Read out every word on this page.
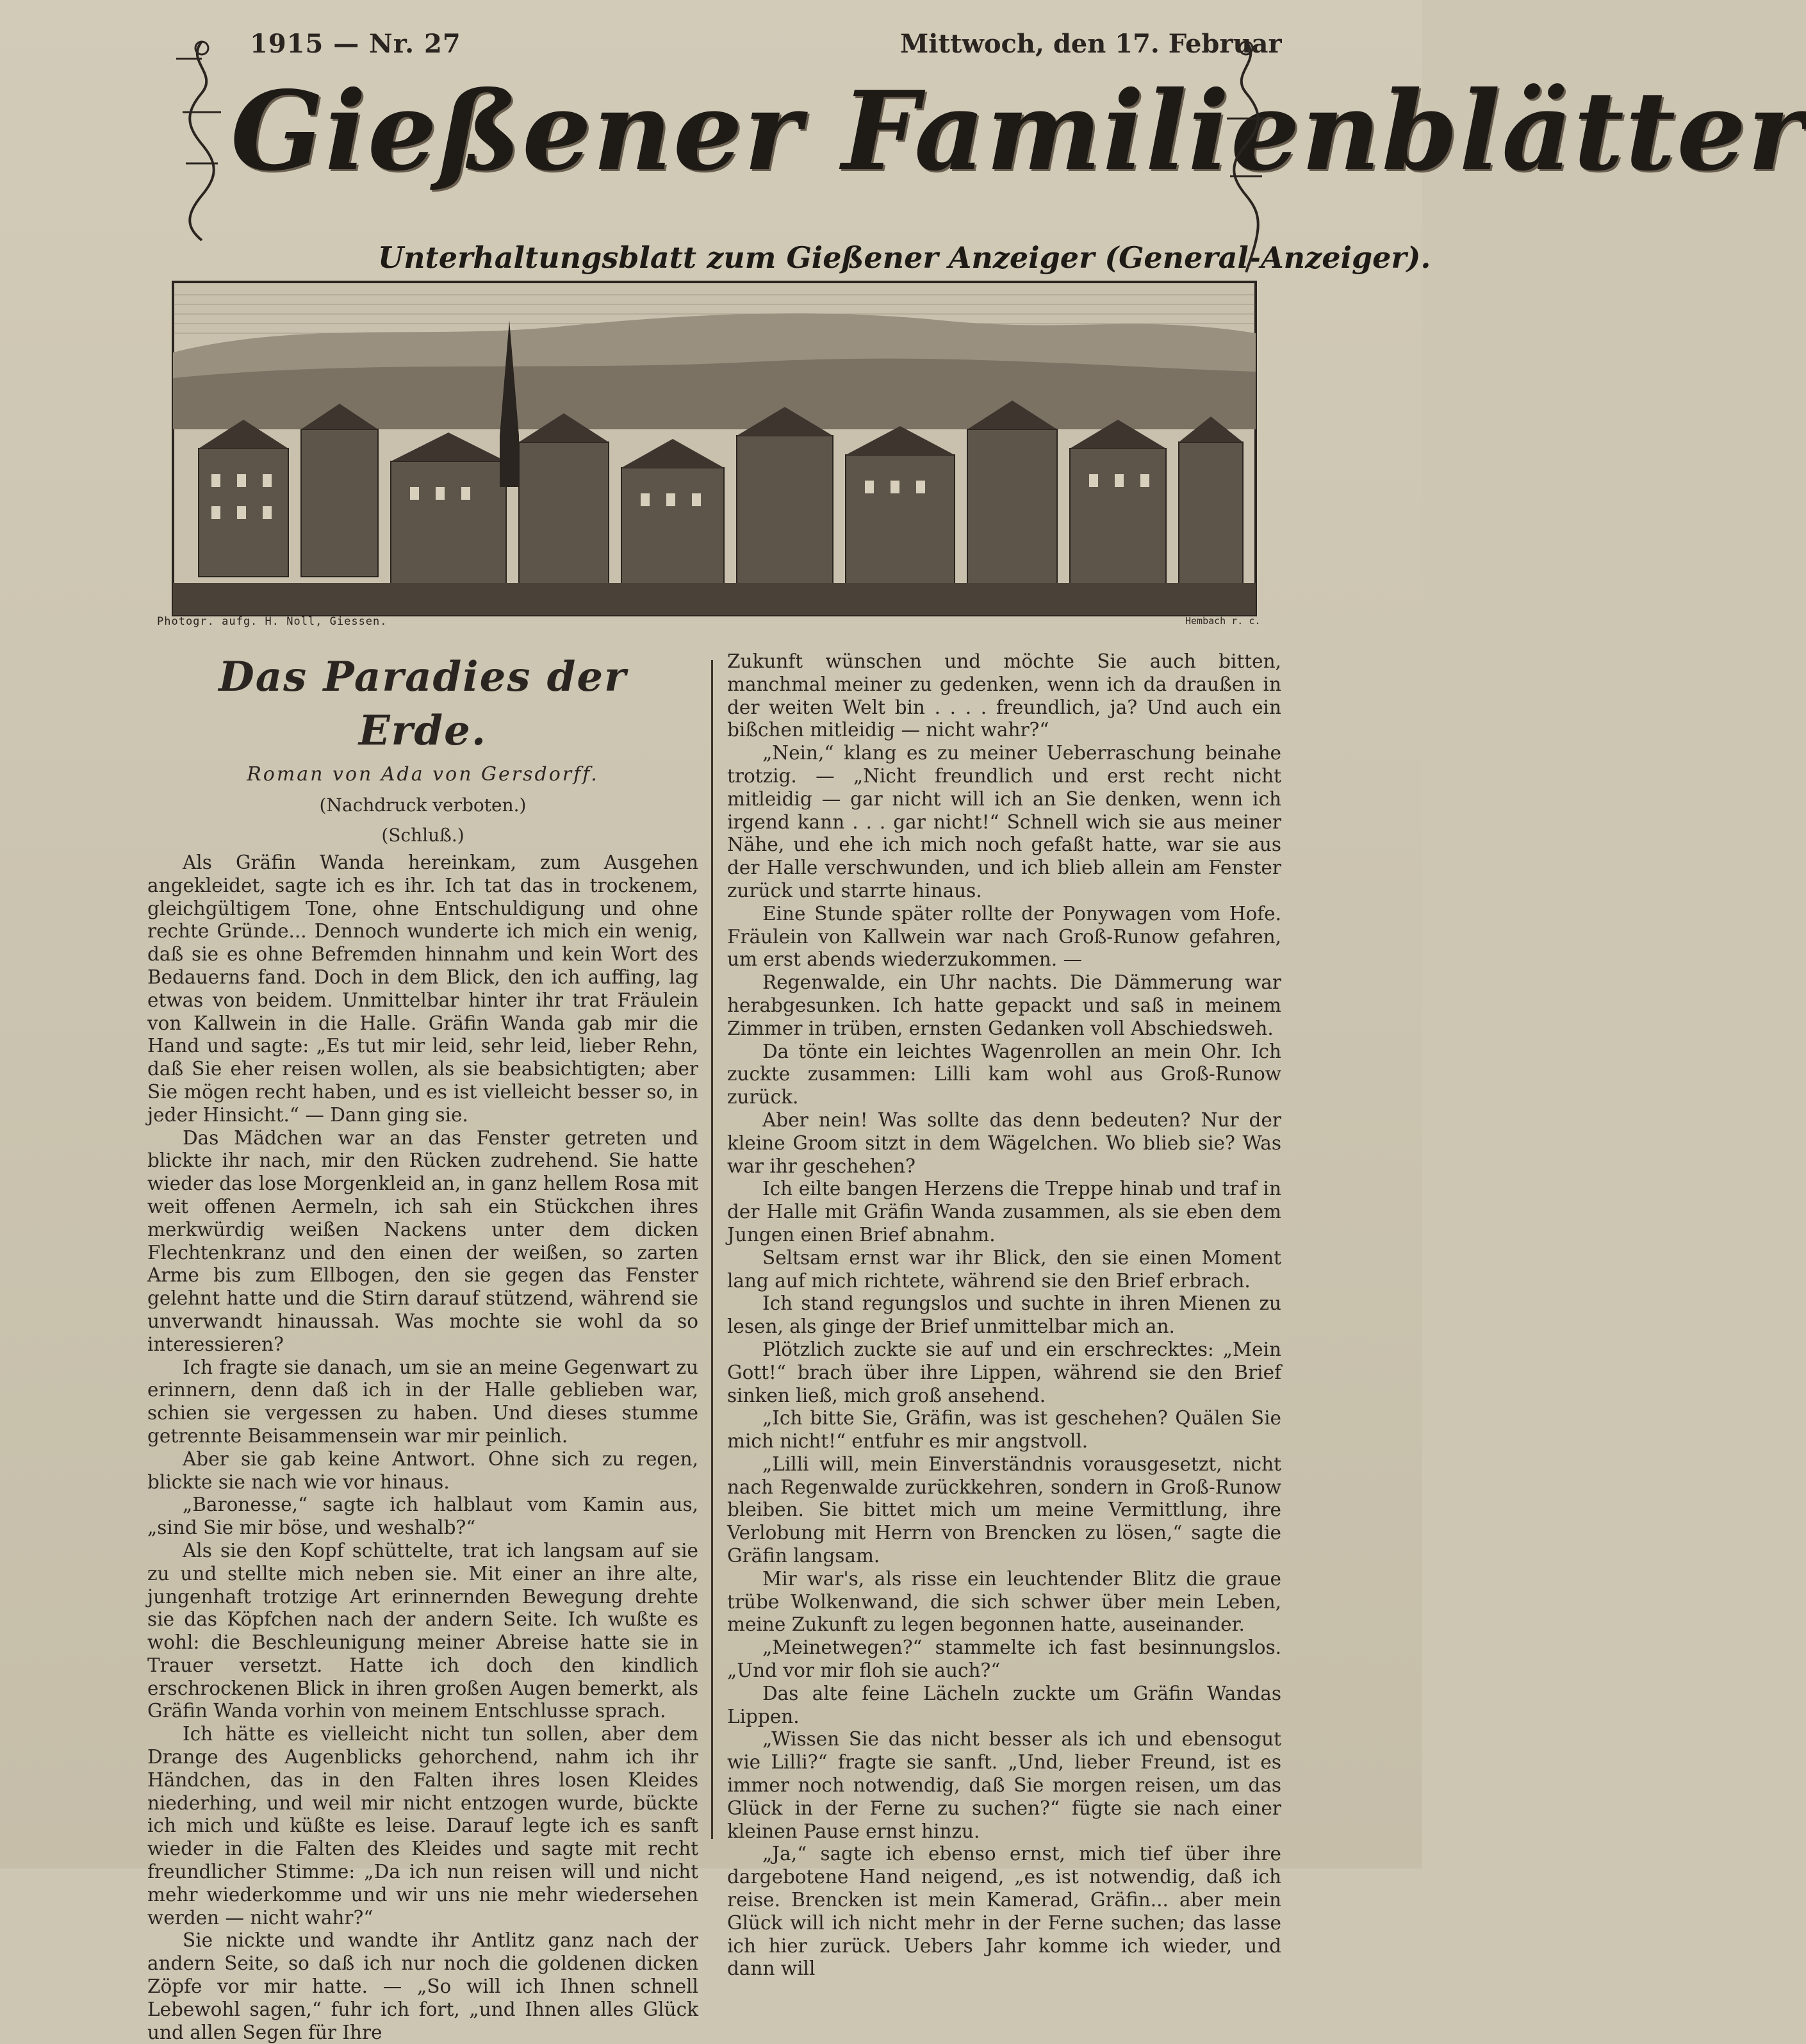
1915 — Nr. 27	Mittwoch, den 17. Februar
Gießener Familienblätter
Unterhaltungsblatt zum Gießener Anzeiger (General-Anzeiger).
Photogr. aufg. H. Noll, Giessen.	Hembach r. c.
Das Paradies der Erde.
Roman von Ada von Gersdorff.
(Nachdruck verboten.)
(Schluß.)

Als Gräfin Wanda hereinkam, zum Ausgehen angekleidet, sagte ich es ihr. Ich tat das in trockenem, gleichgültigem Tone, ohne Entschuldigung und ohne rechte Gründe... Dennoch wunderte ich mich ein wenig, daß sie es ohne Befremden hinnahm und kein Wort des Bedauerns fand. Doch in dem Blick, den ich auffing, lag etwas von beidem. Unmittelbar hinter ihr trat Fräulein von Kallwein in die Halle. Gräfin Wanda gab mir die Hand und sagte: „Es tut mir leid, sehr leid, lieber Rehn, daß Sie eher reisen wollen, als sie beabsichtigten; aber Sie mögen recht haben, und es ist vielleicht besser so, in jeder Hinsicht.“ — Dann ging sie.

Das Mädchen war an das Fenster getreten und blickte ihr nach, mir den Rücken zudrehend. Sie hatte wieder das lose Morgenkleid an, in ganz hellem Rosa mit weit offenen Aermeln, ich sah ein Stückchen ihres merkwürdig weißen Nackens unter dem dicken Flechtenkranz und den einen der weißen, so zarten Arme bis zum Ellbogen, den sie gegen das Fenster gelehnt hatte und die Stirn darauf stützend, während sie unverwandt hinaussah. Was mochte sie wohl da so interessieren?

Ich fragte sie danach, um sie an meine Gegenwart zu erinnern, denn daß ich in der Halle geblieben war, schien sie vergessen zu haben. Und dieses stumme getrennte Beisammensein war mir peinlich.

Aber sie gab keine Antwort. Ohne sich zu regen, blickte sie nach wie vor hinaus.

„Baronesse,“ sagte ich halblaut vom Kamin aus, „sind Sie mir böse, und weshalb?“

Als sie den Kopf schüttelte, trat ich langsam auf sie zu und stellte mich neben sie. Mit einer an ihre alte, jungenhaft trotzige Art erinnernden Bewegung drehte sie das Köpfchen nach der andern Seite. Ich wußte es wohl: die Beschleunigung meiner Abreise hatte sie in Trauer versetzt. Hatte ich doch den kindlich erschrockenen Blick in ihren großen Augen bemerkt, als Gräfin Wanda vorhin von meinem Entschlusse sprach.

Ich hätte es vielleicht nicht tun sollen, aber dem Drange des Augenblicks gehorchend, nahm ich ihr Händchen, das in den Falten ihres losen Kleides niederhing, und weil mir nicht entzogen wurde, bückte ich mich und küßte es leise. Darauf legte ich es sanft wieder in die Falten des Kleides und sagte mit recht freundlicher Stimme: „Da ich nun reisen will und nicht mehr wiederkomme und wir uns nie mehr wiedersehen werden — nicht wahr?“

Sie nickte und wandte ihr Antlitz ganz nach der andern Seite, so daß ich nur noch die goldenen dicken Zöpfe vor mir hatte. — „So will ich Ihnen schnell Lebewohl sagen,“ fuhr ich fort, „und Ihnen alles Glück und allen Segen für Ihre

Zukunft wünschen und möchte Sie auch bitten, manchmal meiner zu gedenken, wenn ich da draußen in der weiten Welt bin . . . . freundlich, ja? Und auch ein bißchen mitleidig — nicht wahr?“

„Nein,“ klang es zu meiner Ueberraschung beinahe trotzig. — „Nicht freundlich und erst recht nicht mitleidig — gar nicht will ich an Sie denken, wenn ich irgend kann . . . gar nicht!“ Schnell wich sie aus meiner Nähe, und ehe ich mich noch gefaßt hatte, war sie aus der Halle verschwunden, und ich blieb allein am Fenster zurück und starrte hinaus.

Eine Stunde später rollte der Ponywagen vom Hofe. Fräulein von Kallwein war nach Groß-Runow gefahren, um erst abends wiederzukommen. —

Regenwalde, ein Uhr nachts. Die Dämmerung war herabgesunken. Ich hatte gepackt und saß in meinem Zimmer in trüben, ernsten Gedanken voll Abschiedsweh.

Da tönte ein leichtes Wagenrollen an mein Ohr. Ich zuckte zusammen: Lilli kam wohl aus Groß-Runow zurück.

Aber nein! Was sollte das denn bedeuten? Nur der kleine Groom sitzt in dem Wägelchen. Wo blieb sie? Was war ihr geschehen?

Ich eilte bangen Herzens die Treppe hinab und traf in der Halle mit Gräfin Wanda zusammen, als sie eben dem Jungen einen Brief abnahm.

Seltsam ernst war ihr Blick, den sie einen Moment lang auf mich richtete, während sie den Brief erbrach.

Ich stand regungslos und suchte in ihren Mienen zu lesen, als ginge der Brief unmittelbar mich an.

Plötzlich zuckte sie auf und ein erschrecktes: „Mein Gott!“ brach über ihre Lippen, während sie den Brief sinken ließ, mich groß ansehend.

„Ich bitte Sie, Gräfin, was ist geschehen? Quälen Sie mich nicht!“ entfuhr es mir angstvoll.

„Lilli will, mein Einverständnis vorausgesetzt, nicht nach Regenwalde zurückkehren, sondern in Groß-Runow bleiben. Sie bittet mich um meine Vermittlung, ihre Verlobung mit Herrn von Brencken zu lösen,“ sagte die Gräfin langsam.

Mir war's, als risse ein leuchtender Blitz die graue trübe Wolkenwand, die sich schwer über mein Leben, meine Zukunft zu legen begonnen hatte, auseinander.

„Meinetwegen?“ stammelte ich fast besinnungslos. „Und vor mir floh sie auch?“

Das alte feine Lächeln zuckte um Gräfin Wandas Lippen.

„Wissen Sie das nicht besser als ich und ebensogut wie Lilli?“ fragte sie sanft. „Und, lieber Freund, ist es immer noch notwendig, daß Sie morgen reisen, um das Glück in der Ferne zu suchen?“ fügte sie nach einer kleinen Pause ernst hinzu.

„Ja,“ sagte ich ebenso ernst, mich tief über ihre dargebotene Hand neigend, „es ist notwendig, daß ich reise. Brencken ist mein Kamerad, Gräfin... aber mein Glück will ich nicht mehr in der Ferne suchen; das lasse ich hier zurück. Uebers Jahr komme ich wieder, und dann will
